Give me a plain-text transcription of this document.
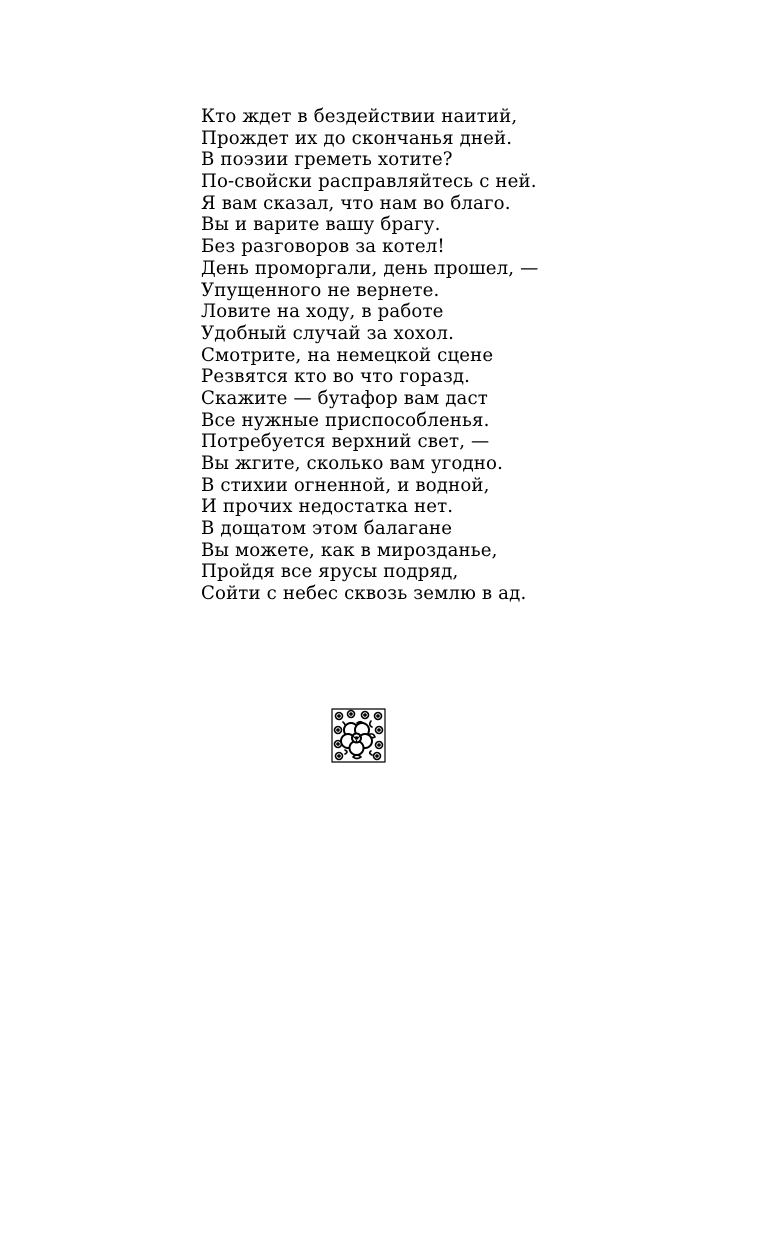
Кто ждет в бездействии наитий,
Прождет их до скончанья дней.
В поэзии греметь хотите?
По-свойски расправляйтесь с ней.
Я вам сказал, что нам во благо.
Вы и варите вашу брагу.
Без разговоров за котел!
День проморгали, день прошел, —
Упущенного не вернете.
Ловите на ходу, в работе
Удобный случай за хохол.
Смотрите, на немецкой сцене
Резвятся кто во что горазд.
Скажите — бутафор вам даст
Все нужные приспособленья.
Потребуется верхний свет, —
Вы жгите, сколько вам угодно.
В стихии огненной, и водной,
И прочих недостатка нет.
В дощатом этом балагане
Вы можете, как в мирозданье,
Пройдя все ярусы подряд,
Сойти с небес сквозь землю в ад.
